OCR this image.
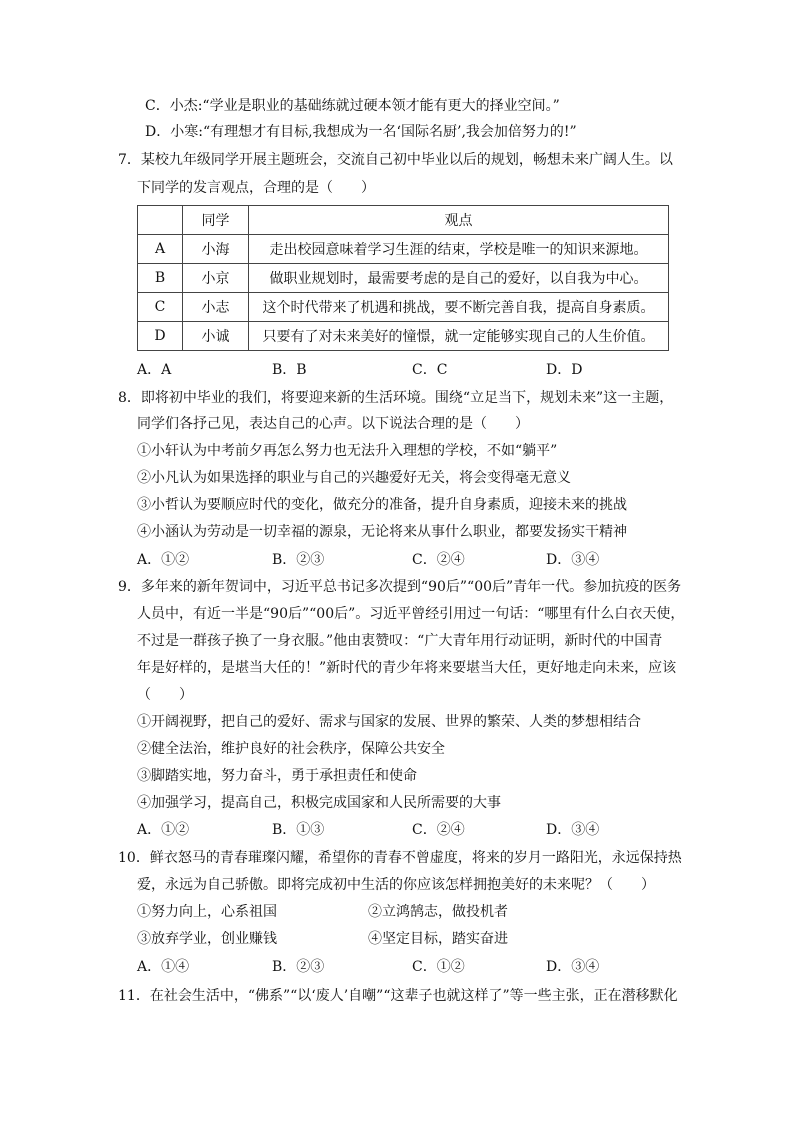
C．小杰:“学业是职业的基础练就过硬本领才能有更大的择业空间。”
D．小寒:“有理想才有目标,我想成为一名‘国际名厨’,我会加倍努力的!”
7．某校九年级同学开展主题班会，交流自己初中毕业以后的规划，畅想未来广阔人生。以
下同学的发言观点，合理的是（　　）
	同学	观点
A	小海	走出校园意味着学习生涯的结束，学校是唯一的知识来源地。
B	小京	做职业规划时，最需要考虑的是自己的爱好，以自我为中心。
C	小志	这个时代带来了机遇和挑战，要不断完善自我，提高自身素质。
D	小诚	只要有了对未来美好的憧憬，就一定能够实现自己的人生价值。
A．A	B．B	C．C	D．D
8．即将初中毕业的我们，将要迎来新的生活环境。围绕“立足当下，规划未来”这一主题，
同学们各抒己见，表达自己的心声。以下说法合理的是（　　）
①小轩认为中考前夕再怎么努力也无法升入理想的学校，不如“躺平”
②小凡认为如果选择的职业与自己的兴趣爱好无关，将会变得毫无意义
③小哲认为要顺应时代的变化，做充分的准备，提升自身素质，迎接未来的挑战
④小涵认为劳动是一切幸福的源泉，无论将来从事什么职业，都要发扬实干精神
A．①②	B．②③	C．②④	D．③④
9．多年来的新年贺词中，习近平总书记多次提到“90后”“00后”青年一代。参加抗疫的医务
人员中，有近一半是“90后”“00后”。习近平曾经引用过一句话：“哪里有什么白衣天使，
不过是一群孩子换了一身衣服。”他由衷赞叹：“广大青年用行动证明，新时代的中国青
年是好样的，是堪当大任的！”新时代的青少年将来要堪当大任，更好地走向未来，应该
（　　）
①开阔视野，把自己的爱好、需求与国家的发展、世界的繁荣、人类的梦想相结合
②健全法治，维护良好的社会秩序，保障公共安全
③脚踏实地，努力奋斗，勇于承担责任和使命
④加强学习，提高自己，积极完成国家和人民所需要的大事
A．①②	B．①③	C．②④	D．③④
10．鲜衣怒马的青春璀璨闪耀，希望你的青春不曾虚度，将来的岁月一路阳光，永远保持热
爱，永远为自己骄傲。即将完成初中生活的你应该怎样拥抱美好的未来呢？（　　）
①努力向上，心系祖国	②立鸿鹄志，做投机者
③放弃学业，创业赚钱	④坚定目标，踏实奋进
A．①④	B．②③	C．①②	D．③④
11．在社会生活中，“佛系”“以‘废人’自嘲”“这辈子也就这样了”等一些主张，正在潜移默化
